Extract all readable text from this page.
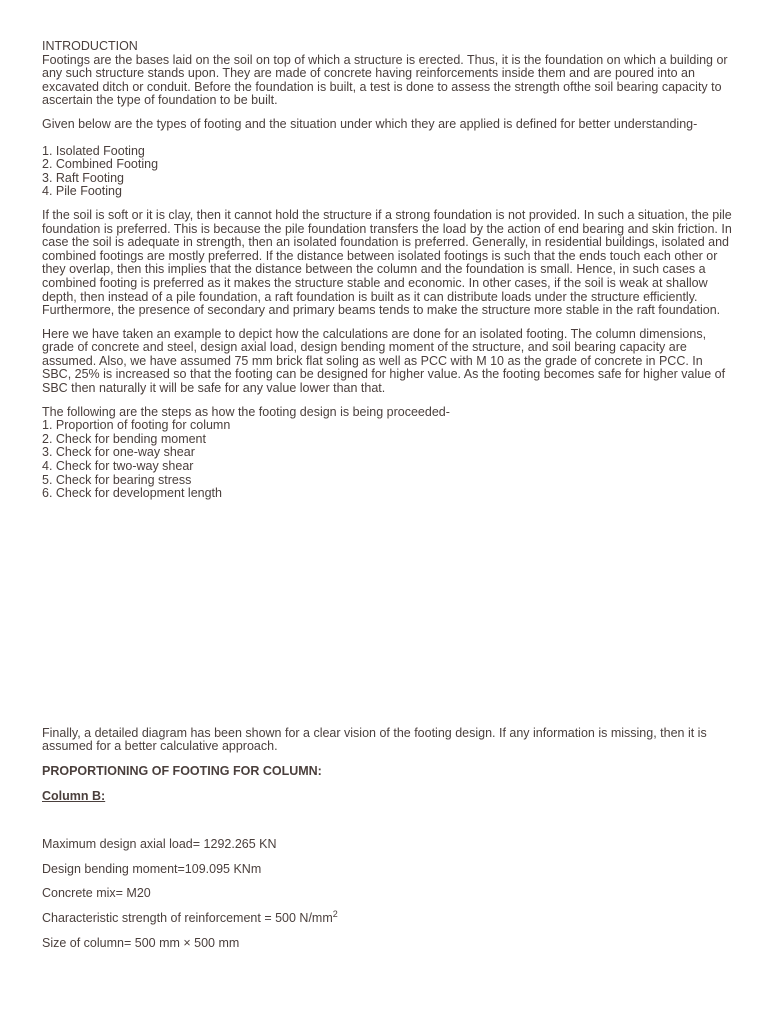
INTRODUCTION

Footings are the bases laid on the soil on top of which a structure is erected. Thus, it is the foundation on which a building or any such structure stands upon. They are made of concrete having reinforcements inside them and are poured into an excavated ditch or conduit. Before the foundation is built, a test is done to assess the strength ofthe soil bearing capacity to ascertain the type of foundation to be built.

Given below are the types of footing and the situation under which they are applied is defined for better understanding-

1. Isolated Footing
2. Combined Footing
3. Raft Footing
4. Pile Footing

If the soil is soft or it is clay, then it cannot hold the structure if a strong foundation is not provided. In such a situation, the pile foundation is preferred. This is because the pile foundation transfers the load by the action of end bearing and skin friction. In case the soil is adequate in strength, then an isolated foundation is preferred. Generally, in residential buildings, isolated and combined footings are mostly preferred. If the distance between isolated footings is such that the ends touch each other or they overlap, then this implies that the distance between the column and the foundation is small. Hence, in such cases a combined footing is preferred as it makes the structure stable and economic. In other cases, if the soil is weak at shallow depth, then instead of a pile foundation, a raft foundation is built as it can distribute loads under the structure efficiently. Furthermore, the presence of secondary and primary beams tends to make the structure more stable in the raft foundation.

Here we have taken an example to depict how the calculations are done for an isolated footing. The column dimensions, grade of concrete and steel, design axial load, design bending moment of the structure, and soil bearing capacity are assumed. Also, we have assumed 75 mm brick flat soling as well as PCC with M 10 as the grade of concrete in PCC. In SBC, 25% is increased so that the footing can be designed for higher value. As the footing becomes safe for higher value of SBC then naturally it will be safe for any value lower than that.

The following are the steps as how the footing design is being proceeded-

1. Proportion of footing for column
2. Check for bending moment
3. Check for one-way shear
4. Check for two-way shear
5. Check for bearing stress
6. Check for development length

Finally, a detailed diagram has been shown for a clear vision of the footing design. If any information is missing, then it is assumed for a better calculative approach.

PROPORTIONING OF FOOTING FOR COLUMN:

Column B:

Maximum design axial load= 1292.265 KN

Design bending moment=109.095 KNm

Concrete mix= M20

Characteristic strength of reinforcement = 500 $N/mm^2$

Size of column= 500 mm × 500 mm
